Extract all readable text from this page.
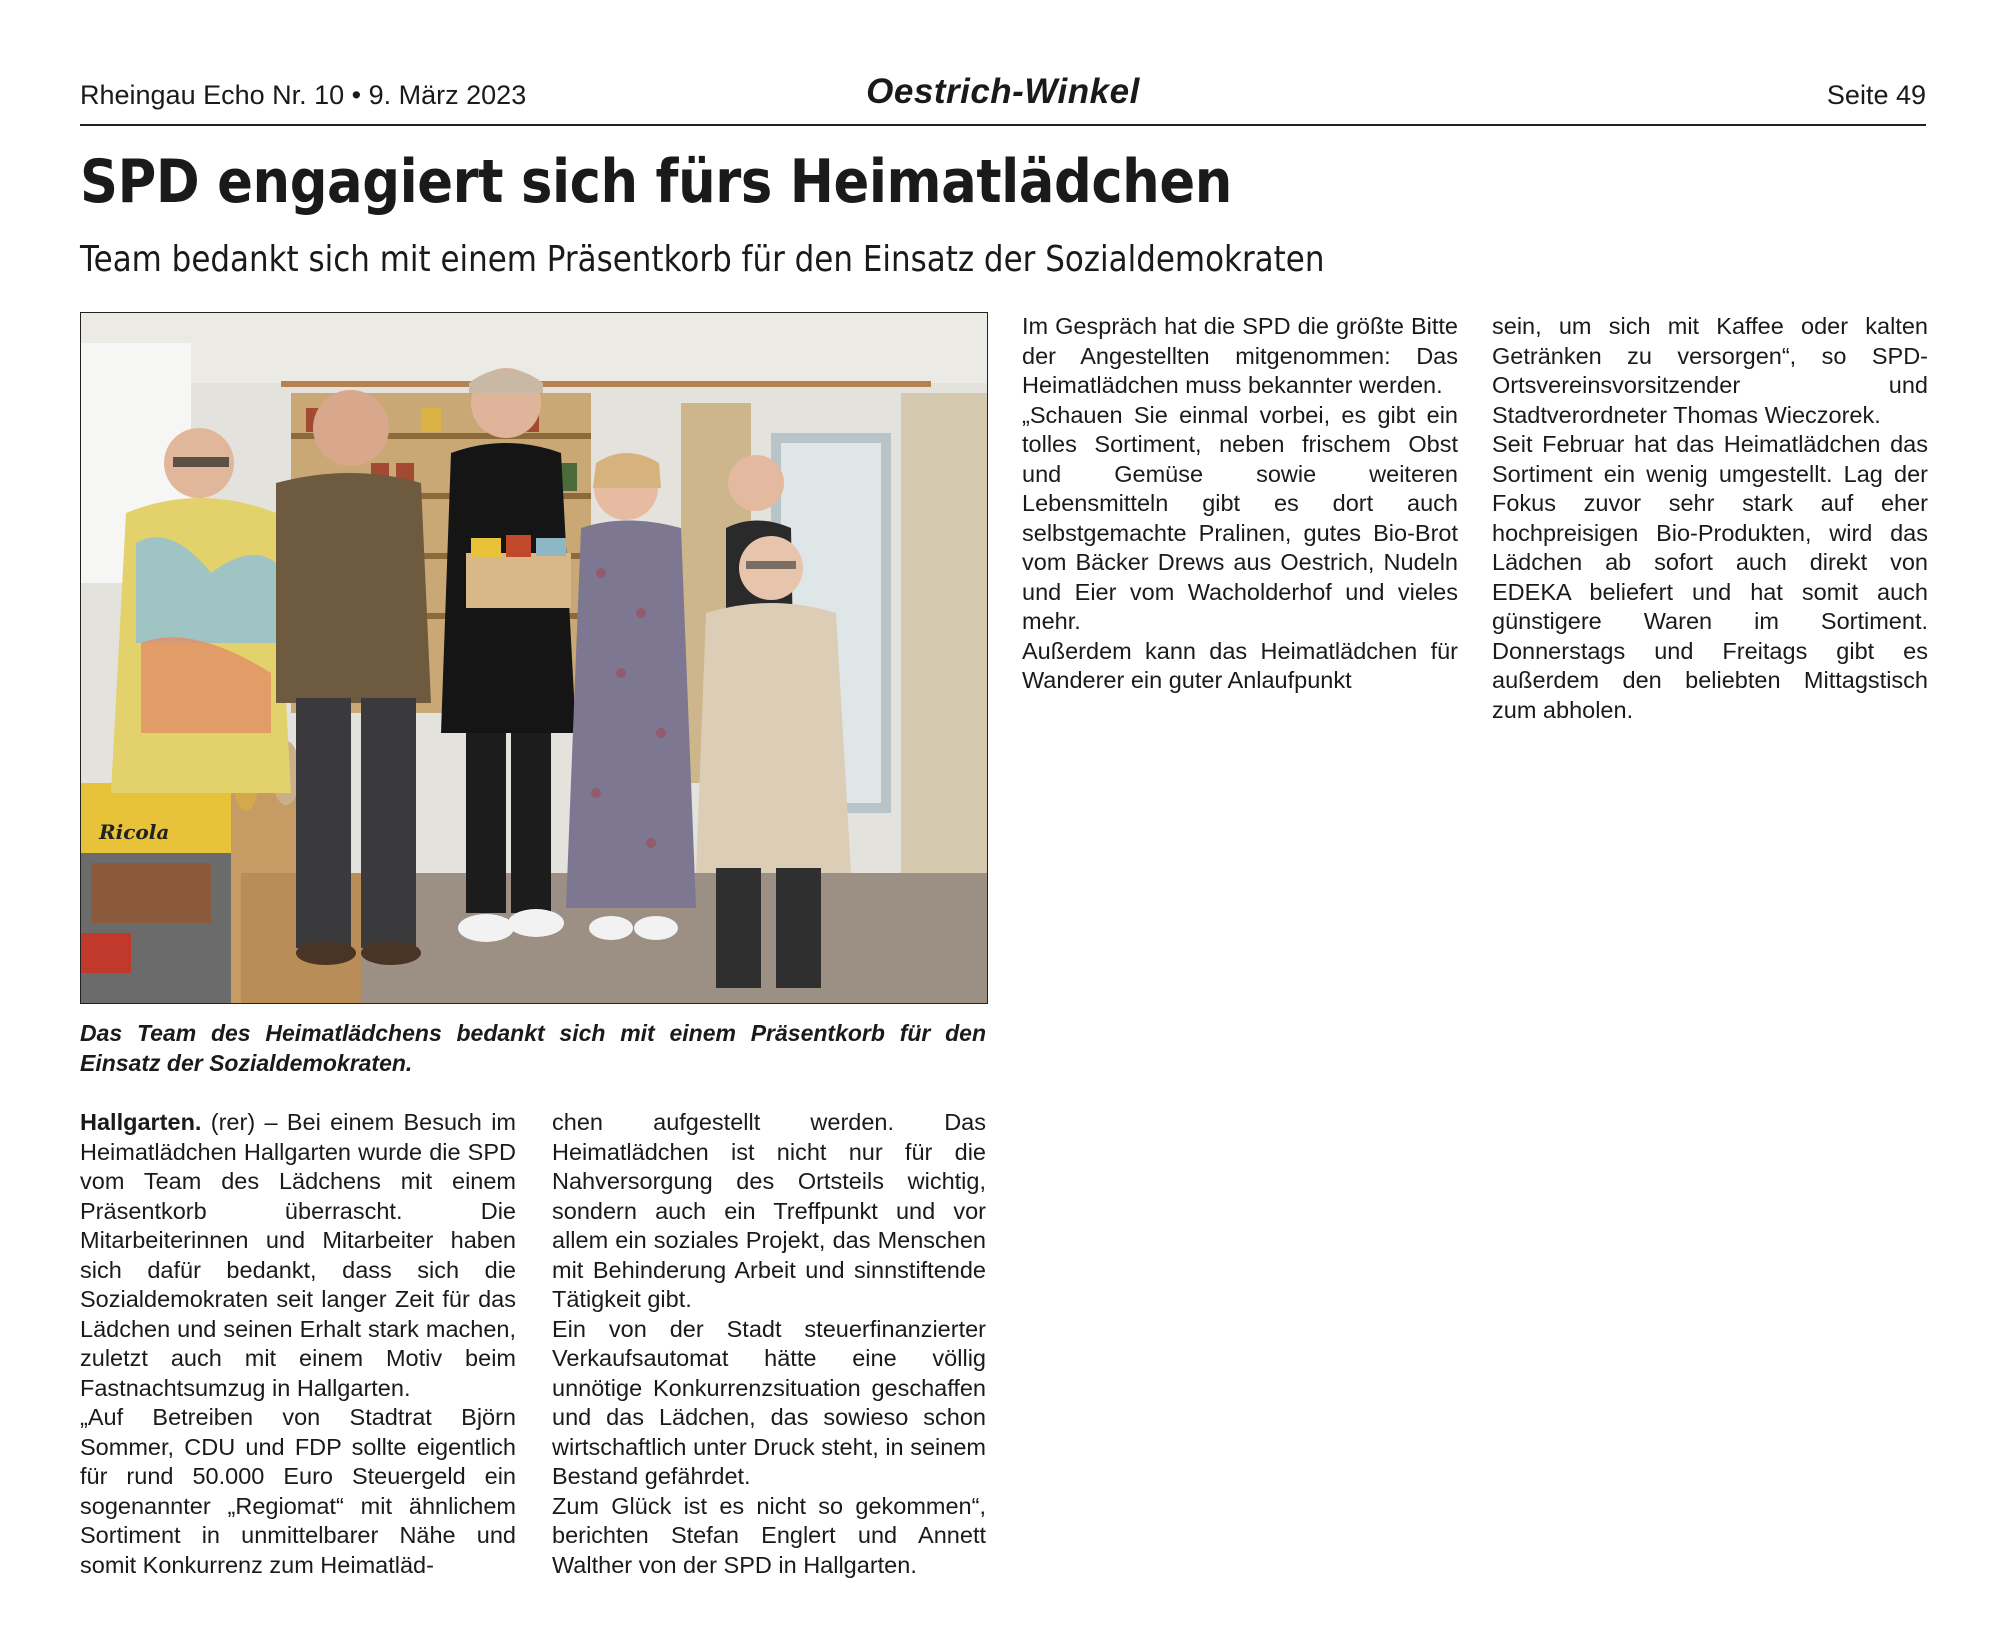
Rheingau Echo Nr. 10 • 9. März 2023	Oestrich-Winkel	Seite 49
SPD engagiert sich fürs Heimatlädchen
Team bedankt sich mit einem Präsentkorb für den Einsatz der Sozialdemokraten
Ricola

Das Team des Heimatlädchens bedankt sich mit einem Präsentkorb für den Einsatz der Sozialdemokraten.

Hallgarten. (rer) – Bei einem Besuch im Heimatlädchen Hallgarten wurde die SPD vom Team des Lädchens mit einem Präsentkorb überrascht. Die Mitarbeiterinnen und Mitarbeiter haben sich dafür bedankt, dass sich die Sozialdemokraten seit langer Zeit für das Lädchen und seinen Erhalt stark machen, zuletzt auch mit einem Motiv beim Fastnachtsumzug in Hallgarten.

„Auf Betreiben von Stadtrat Björn Sommer, CDU und FDP sollte eigentlich für rund 50.000 Euro Steuergeld ein sogenannter „Regiomat“ mit ähnlichem Sortiment in unmittelbarer Nähe und somit Konkurrenz zum Heimatläd-

chen aufgestellt werden. Das Heimatlädchen ist nicht nur für die Nahversorgung des Ortsteils wichtig, sondern auch ein Treffpunkt und vor allem ein soziales Projekt, das Menschen mit Behinderung Arbeit und sinnstiftende Tätigkeit gibt.

Ein von der Stadt steuerfinanzierter Verkaufsautomat hätte eine völlig unnötige Konkurrenzsituation geschaffen und das Lädchen, das sowieso schon wirtschaftlich unter Druck steht, in seinem Bestand gefährdet.

Zum Glück ist es nicht so gekommen“, berichten Stefan Englert und Annett Walther von der SPD in Hallgarten.

Im Gespräch hat die SPD die größte Bitte der Angestellten mitgenommen: Das Heimatlädchen muss bekannter werden.

„Schauen Sie einmal vorbei, es gibt ein tolles Sortiment, neben frischem Obst und Gemüse sowie weiteren Lebensmitteln gibt es dort auch selbstgemachte Pralinen, gutes Bio-Brot vom Bäcker Drews aus Oestrich, Nudeln und Eier vom Wacholderhof und vieles mehr.

Außerdem kann das Heimatlädchen für Wanderer ein guter Anlaufpunkt

sein, um sich mit Kaffee oder kalten Getränken zu versorgen“, so SPD-Ortsvereinsvorsitzender und Stadtverordneter Thomas Wieczorek.

Seit Februar hat das Heimatlädchen das Sortiment ein wenig umgestellt. Lag der Fokus zuvor sehr stark auf eher hochpreisigen Bio-Produkten, wird das Lädchen ab sofort auch direkt von EDEKA beliefert und hat somit auch günstigere Waren im Sortiment. Donnerstags und Freitags gibt es außerdem den beliebten Mittagstisch zum abholen.
